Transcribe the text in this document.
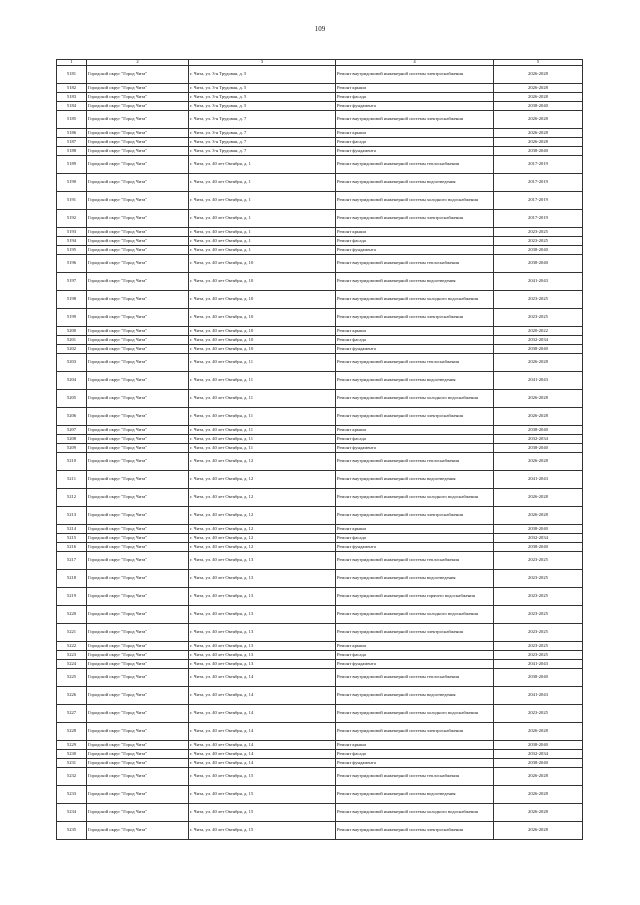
109
1	2	3	4	5
5181	Городской округ "Город Чита"	г. Чита, ул. 3-я Трудовая, д. 5	Ремонт внутридомовой инженерной системы электроснабжения	2026-2028
5182	Городской округ "Город Чита"	г. Чита, ул. 3-я Трудовая, д. 5	Ремонт крыши	2026-2028
5183	Городской округ "Город Чита"	г. Чита, ул. 3-я Трудовая, д. 5	Ремонт фасада	2026-2028
5184	Городской округ "Город Чита"	г. Чита, ул. 3-я Трудовая, д. 5	Ремонт фундамента	2038-2040
5185	Городской округ "Город Чита"	г. Чита, ул. 3-я Трудовая, д. 7	Ремонт внутридомовой инженерной системы электроснабжения	2026-2028
5186	Городской округ "Город Чита"	г. Чита, ул. 3-я Трудовая, д. 7	Ремонт крыши	2026-2028
5187	Городской округ "Город Чита"	г. Чита, ул. 3-я Трудовая, д. 7	Ремонт фасада	2026-2028
5188	Городской округ "Город Чита"	г. Чита, ул. 3-я Трудовая, д. 7	Ремонт фундамента	2038-2040
5189	Городской округ "Город Чита"	г. Чита, ул. 40 лет Октября, д. 1	Ремонт внутридомовой инженерной системы теплоснабжения	2017-2019
5190	Городской округ "Город Чита"	г. Чита, ул. 40 лет Октября, д. 1	Ремонт внутридомовой инженерной системы водоотведения	2017-2019
5191	Городской округ "Город Чита"	г. Чита, ул. 40 лет Октября, д. 1	Ремонт внутридомовой инженерной системы холодного водоснабжения	2017-2019
5192	Городской округ "Город Чита"	г. Чита, ул. 40 лет Октября, д. 1	Ремонт внутридомовой инженерной системы электроснабжения	2017-2019
5193	Городской округ "Город Чита"	г. Чита, ул. 40 лет Октября, д. 1	Ремонт крыши	2023-2025
5194	Городской округ "Город Чита"	г. Чита, ул. 40 лет Октября, д. 1	Ремонт фасада	2023-2025
5195	Городской округ "Город Чита"	г. Чита, ул. 40 лет Октября, д. 1	Ремонт фундамента	2038-2040
5196	Городской округ "Город Чита"	г. Чита, ул. 40 лет Октября, д. 10	Ремонт внутридомовой инженерной системы теплоснабжения	2038-2040
5197	Городской округ "Город Чита"	г. Чита, ул. 40 лет Октября, д. 10	Ремонт внутридомовой инженерной системы водоотведения	2041-2043
5198	Городской округ "Город Чита"	г. Чита, ул. 40 лет Октября, д. 10	Ремонт внутридомовой инженерной системы холодного водоснабжения	2023-2025
5199	Городской округ "Город Чита"	г. Чита, ул. 40 лет Октября, д. 10	Ремонт внутридомовой инженерной системы электроснабжения	2023-2025
5200	Городской округ "Город Чита"	г. Чита, ул. 40 лет Октября, д. 10	Ремонт крыши	2020-2022
5201	Городской округ "Город Чита"	г. Чита, ул. 40 лет Октября, д. 10	Ремонт фасада	2032-2034
5202	Городской округ "Город Чита"	г. Чита, ул. 40 лет Октября, д. 10	Ремонт фундамента	2038-2040
5203	Городской округ "Город Чита"	г. Чита, ул. 40 лет Октября, д. 11	Ремонт внутридомовой инженерной системы теплоснабжения	2026-2028
5204	Городской округ "Город Чита"	г. Чита, ул. 40 лет Октября, д. 11	Ремонт внутридомовой инженерной системы водоотведения	2041-2043
5205	Городской округ "Город Чита"	г. Чита, ул. 40 лет Октября, д. 11	Ремонт внутридомовой инженерной системы холодного водоснабжения	2026-2028
5206	Городской округ "Город Чита"	г. Чита, ул. 40 лет Октября, д. 11	Ремонт внутридомовой инженерной системы электроснабжения	2026-2028
5207	Городской округ "Город Чита"	г. Чита, ул. 40 лет Октября, д. 11	Ремонт крыши	2038-2040
5208	Городской округ "Город Чита"	г. Чита, ул. 40 лет Октября, д. 11	Ремонт фасада	2032-2034
5209	Городской округ "Город Чита"	г. Чита, ул. 40 лет Октября, д. 11	Ремонт фундамента	2038-2040
5210	Городской округ "Город Чита"	г. Чита, ул. 40 лет Октября, д. 12	Ремонт внутридомовой инженерной системы теплоснабжения	2026-2028
5211	Городской округ "Город Чита"	г. Чита, ул. 40 лет Октября, д. 12	Ремонт внутридомовой инженерной системы водоотведения	2041-2043
5212	Городской округ "Город Чита"	г. Чита, ул. 40 лет Октября, д. 12	Ремонт внутридомовой инженерной системы холодного водоснабжения	2026-2028
5213	Городской округ "Город Чита"	г. Чита, ул. 40 лет Октября, д. 12	Ремонт внутридомовой инженерной системы электроснабжения	2026-2028
5214	Городской округ "Город Чита"	г. Чита, ул. 40 лет Октября, д. 12	Ремонт крыши	2038-2040
5215	Городской округ "Город Чита"	г. Чита, ул. 40 лет Октября, д. 12	Ремонт фасада	2032-2034
5216	Городской округ "Город Чита"	г. Чита, ул. 40 лет Октября, д. 12	Ремонт фундамента	2038-2040
5217	Городской округ "Город Чита"	г. Чита, ул. 40 лет Октября, д. 13	Ремонт внутридомовой инженерной системы теплоснабжения	2023-2025
5218	Городской округ "Город Чита"	г. Чита, ул. 40 лет Октября, д. 13	Ремонт внутридомовой инженерной системы водоотведения	2023-2025
5219	Городской округ "Город Чита"	г. Чита, ул. 40 лет Октября, д. 13	Ремонт внутридомовой инженерной системы горячего водоснабжения	2023-2025
5220	Городской округ "Город Чита"	г. Чита, ул. 40 лет Октября, д. 13	Ремонт внутридомовой инженерной системы холодного водоснабжения	2023-2025
5221	Городской округ "Город Чита"	г. Чита, ул. 40 лет Октября, д. 13	Ремонт внутридомовой инженерной системы электроснабжения	2023-2025
5222	Городской округ "Город Чита"	г. Чита, ул. 40 лет Октября, д. 13	Ремонт крыши	2023-2025
5223	Городской округ "Город Чита"	г. Чита, ул. 40 лет Октября, д. 13	Ремонт фасада	2023-2025
5224	Городской округ "Город Чита"	г. Чита, ул. 40 лет Октября, д. 13	Ремонт фундамента	2041-2043
5225	Городской округ "Город Чита"	г. Чита, ул. 40 лет Октября, д. 14	Ремонт внутридомовой инженерной системы теплоснабжения	2038-2040
5226	Городской округ "Город Чита"	г. Чита, ул. 40 лет Октября, д. 14	Ремонт внутридомовой инженерной системы водоотведения	2041-2043
5227	Городской округ "Город Чита"	г. Чита, ул. 40 лет Октября, д. 14	Ремонт внутридомовой инженерной системы холодного водоснабжения	2023-2025
5228	Городской округ "Город Чита"	г. Чита, ул. 40 лет Октября, д. 14	Ремонт внутридомовой инженерной системы электроснабжения	2026-2028
5229	Городской округ "Город Чита"	г. Чита, ул. 40 лет Октября, д. 14	Ремонт крыши	2038-2040
5230	Городской округ "Город Чита"	г. Чита, ул. 40 лет Октября, д. 14	Ремонт фасада	2032-2034
5231	Городской округ "Город Чита"	г. Чита, ул. 40 лет Октября, д. 14	Ремонт фундамента	2038-2040
5232	Городской округ "Город Чита"	г. Чита, ул. 40 лет Октября, д. 15	Ремонт внутридомовой инженерной системы теплоснабжения	2026-2028
5233	Городской округ "Город Чита"	г. Чита, ул. 40 лет Октября, д. 15	Ремонт внутридомовой инженерной системы водоотведения	2026-2028
5234	Городской округ "Город Чита"	г. Чита, ул. 40 лет Октября, д. 15	Ремонт внутридомовой инженерной системы холодного водоснабжения	2026-2028
5235	Городской округ "Город Чита"	г. Чита, ул. 40 лет Октября, д. 15	Ремонт внутридомовой инженерной системы электроснабжения	2026-2028
